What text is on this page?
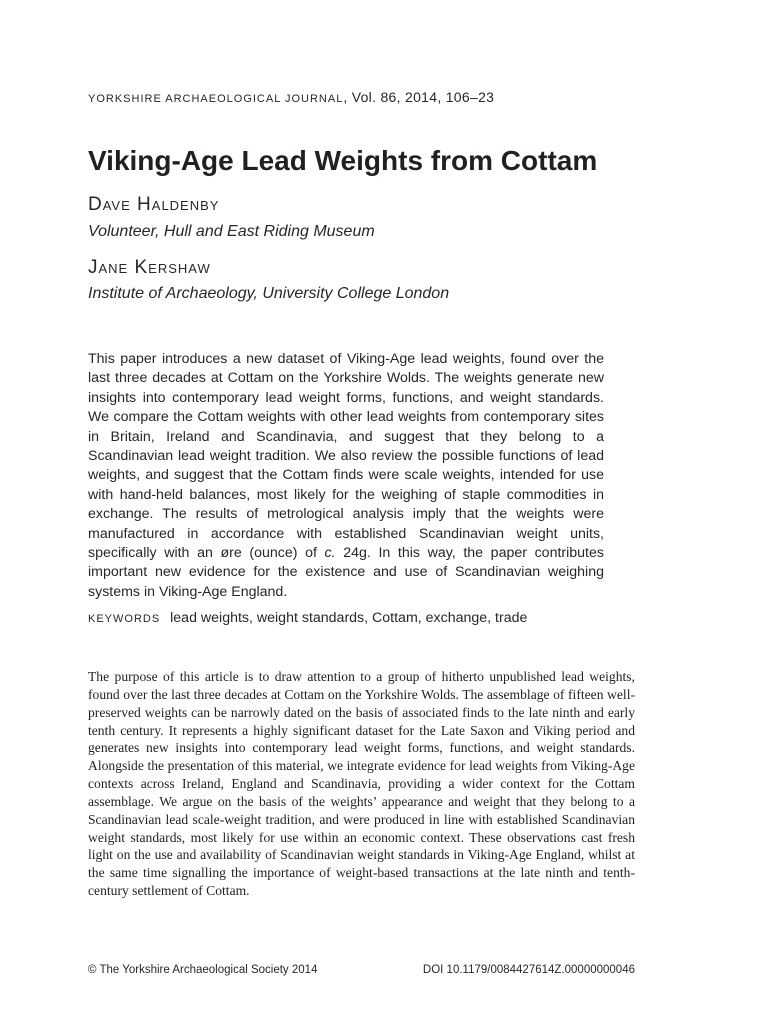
YORKSHIRE ARCHAEOLOGICAL JOURNAL, Vol. 86, 2014, 106–23
Viking-Age Lead Weights from Cottam
Dave Haldenby
Volunteer, Hull and East Riding Museum
Jane Kershaw
Institute of Archaeology, University College London

This paper introduces a new dataset of Viking-Age lead weights, found over the last three decades at Cottam on the Yorkshire Wolds. The weights generate new insights into contemporary lead weight forms, functions, and weight standards. We compare the Cottam weights with other lead weights from contemporary sites in Britain, Ireland and Scandinavia, and suggest that they belong to a Scandinavian lead weight tradition. We also review the possible functions of lead weights, and suggest that the Cottam finds were scale weights, intended for use with hand-held balances, most likely for the weighing of staple commodities in exchange. The results of metrological analysis imply that the weights were manufactured in accordance with established Scandinavian weight units, specifically with an øre (ounce) of c. 24g. In this way, the paper contributes important new evidence for the existence and use of Scandinavian weighing systems in Viking-Age England.

KEYWORDS lead weights, weight standards, Cottam, exchange, trade

The purpose of this article is to draw attention to a group of hitherto unpublished lead weights, found over the last three decades at Cottam on the Yorkshire Wolds. The assemblage of fifteen well-preserved weights can be narrowly dated on the basis of associated finds to the late ninth and early tenth century. It represents a highly significant dataset for the Late Saxon and Viking period and generates new insights into contemporary lead weight forms, functions, and weight standards. Alongside the presentation of this material, we integrate evidence for lead weights from Viking-Age contexts across Ireland, England and Scandinavia, providing a wider context for the Cottam assemblage. We argue on the basis of the weights’ appearance and weight that they belong to a Scandinavian lead scale-weight tradition, and were produced in line with established Scandinavian weight standards, most likely for use within an economic context. These observations cast fresh light on the use and availability of Scandinavian weight standards in Viking-Age England, whilst at the same time signalling the importance of weight-based transactions at the late ninth and tenth-century settlement of Cottam.

© The Yorkshire Archaeological Society 2014	DOI 10.1179/0084427614Z.00000000046
